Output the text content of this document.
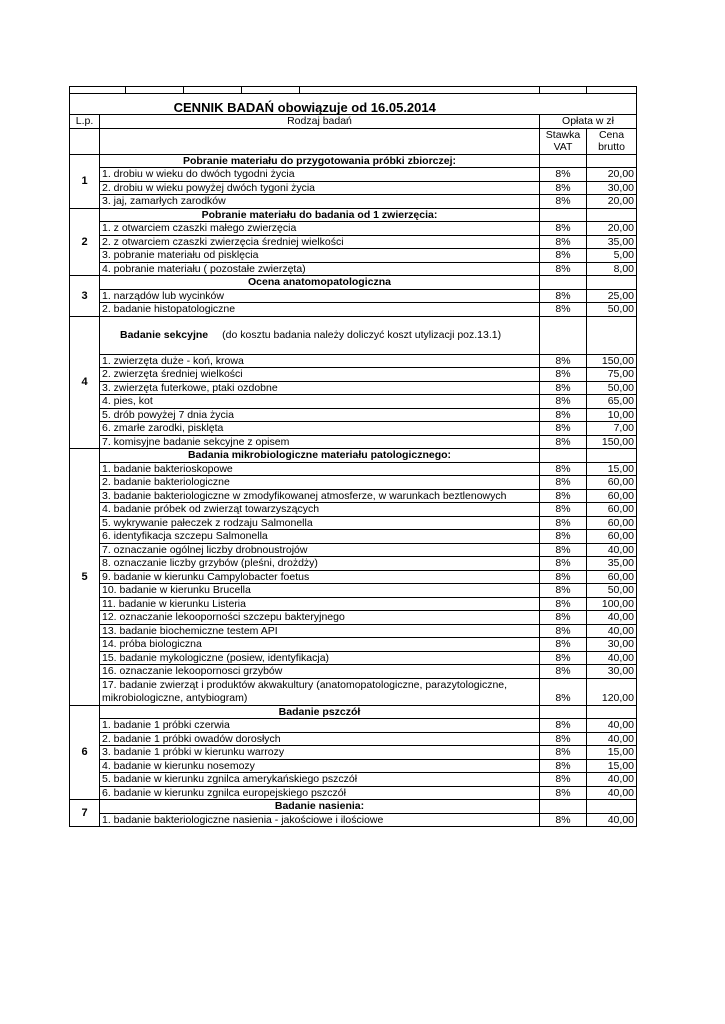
CENNIK BADAŃ obowiązuje od 16.05.2014			
L.p.	Rodzaj badań	Opłata w zł	
		Stawka VAT	Cena brutto
1	Pobranie materiału do przygotowania próbki zbiorczej:		
	1. drobiu w wieku do dwóch tygodni życia	8%	20,00
	2. drobiu w wieku powyżej dwóch tygoni życia	8%	30,00
	3. jaj, zamarłych zarodków	8%	20,00
2	Pobranie materiału do badania od 1 zwierzęcia:		
	1. z otwarciem czaszki małego zwierzęcia	8%	20,00
	2. z otwarciem czaszki zwierzęcia średniej wielkości	8%	35,00
	3. pobranie materiału od pisklęcia	8%	5,00
	4. pobranie materiału ( pozostałe zwierzęta)	8%	8,00
3	Ocena anatomopatologiczna		
	1. narządów lub wycinków	8%	25,00
	2. badanie histopatologiczne	8%	50,00
4	Badanie sekcyjne (do kosztu badania należy doliczyć koszt utylizacji poz.13.1)		
	1. zwierzęta duże - koń, krowa	8%	150,00
	2. zwierzęta średniej wielkości	8%	75,00
	3. zwierzęta futerkowe, ptaki ozdobne	8%	50,00
	4. pies, kot	8%	65,00
	5. drób powyżej 7 dnia życia	8%	10,00
	6. zmarłe zarodki, pisklęta	8%	7,00
	7. komisyjne badanie sekcyjne z opisem	8%	150,00
5	Badania mikrobiologiczne materiału patologicznego:		
	1. badanie bakterioskopowe	8%	15,00
	2. badanie bakteriologiczne	8%	60,00
	3. badanie bakteriologiczne w zmodyfikowanej atmosferze, w warunkach beztlenowych	8%	60,00
	4. badanie próbek od zwierząt towarzyszących	8%	60,00
	5. wykrywanie pałeczek z rodzaju Salmonella	8%	60,00
	6. identyfikacja szczepu Salmonella	8%	60,00
	7. oznaczanie ogólnej liczby drobnoustrojów	8%	40,00
	8. oznaczanie liczby grzybów (pleśni, drożdży)	8%	35,00
	9. badanie w kierunku Campylobacter foetus	8%	60,00
	10. badanie w kierunku Brucella	8%	50,00
	11. badanie w kierunku Listeria	8%	100,00
	12. oznaczanie lekooporności szczepu bakteryjnego	8%	40,00
	13. badanie biochemiczne testem API	8%	40,00
	14. próba biologiczna	8%	30,00
	15. badanie mykologiczne (posiew, identyfikacja)	8%	40,00
	16. oznaczanie lekoopornosci grzybów	8%	30,00
	17. badanie zwierząt i produktów akwakultury (anatomopatologiczne, parazytologiczne, mikrobiologiczne, antybiogram)	8%	120,00
6	Badanie pszczół		
	1. badanie 1 próbki czerwia	8%	40,00
	2. badanie 1 próbki owadów dorosłych	8%	40,00
	3. badanie 1 próbki w kierunku warrozy	8%	15,00
	4. badanie w kierunku nosemozy	8%	15,00
	5. badanie w kierunku zgnilca amerykańskiego pszczół	8%	40,00
	6. badanie w kierunku zgnilca europejskiego pszczół	8%	40,00
7	Badanie nasienia:		
	1. badanie bakteriologiczne nasienia - jakościowe i ilościowe	8%	40,00
